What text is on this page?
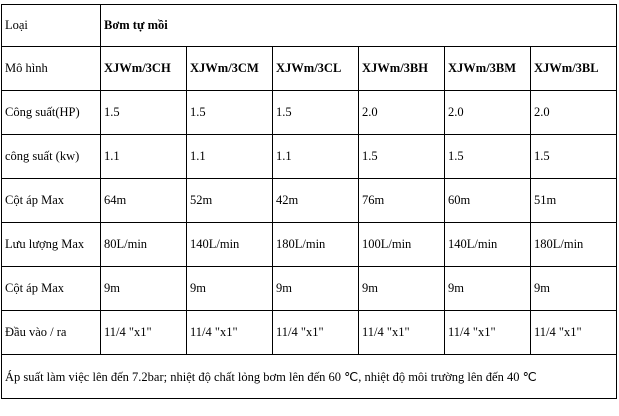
Loại	Bơm tự mồi					
Mô hình	XJWm/3CH	XJWm/3CM	XJWm/3CL	XJWm/3BH	XJWm/3BM	XJWm/3BL
Công suất(HP)	1.5	1.5	1.5	2.0	2.0	2.0
công suất (kw)	1.1	1.1	1.1	1.5	1.5	1.5
Cột áp Max	64m	52m	42m	76m	60m	51m
Lưu lượng Max	80L/min	140L/min	180L/min	100L/min	140L/min	180L/min
Cột áp Max	9m	9m	9m	9m	9m	9m
Đầu vào / ra	11/4 "x1"	11/4 "x1"	11/4 "x1"	11/4 "x1"	11/4 "x1"	11/4 "x1"
Áp suất làm việc lên đến 7.2bar; nhiệt độ chất lỏng bơm lên đến 60 ℃, nhiệt độ môi trường lên đến 40 ℃						
